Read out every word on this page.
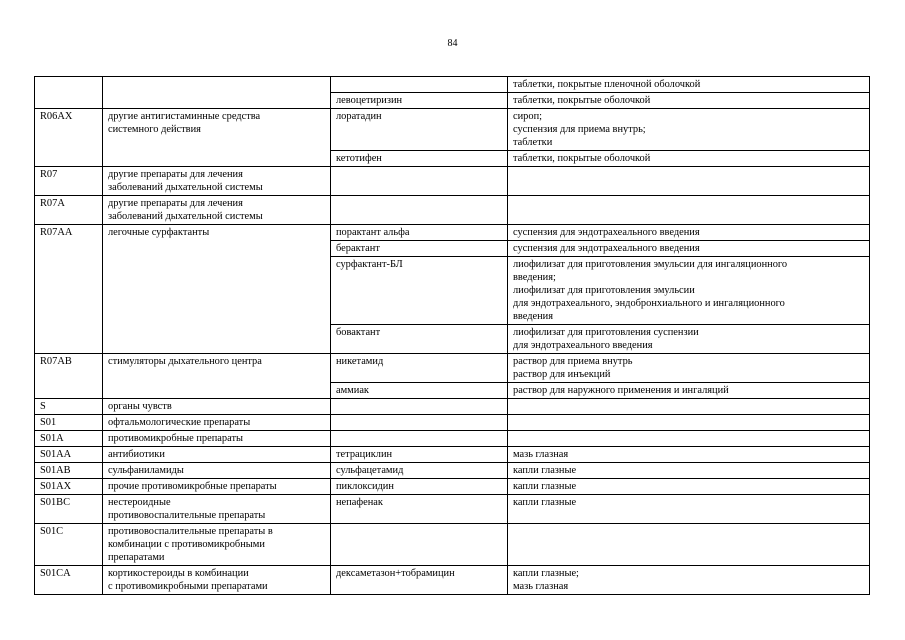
84

			таблетки, покрытые пленочной оболочкой

		левоцетиризин	таблетки, покрытые оболочкой

R06AX	другие антигистаминные средства
системного действия	лоратадин	сироп;
суспензия для приема внутрь;
таблетки

		кетотифен	таблетки, покрытые оболочкой

R07	другие препараты для лечения
заболеваний дыхательной системы		

R07A	другие препараты для лечения
заболеваний дыхательной системы		

R07AA	легочные сурфактанты	порактант альфа	суспензия для эндотрахеального введения

		берактант	суспензия для эндотрахеального введения

		сурфактант-БЛ	лиофилизат для приготовления эмульсии для ингаляционного
введения;
лиофилизат для приготовления эмульсии
для эндотрахеального, эндобронхиального и ингаляционного
введения

		бовактант	лиофилизат для приготовления суспензии
для эндотрахеального введения

R07AB	стимуляторы дыхательного центра	никетамид	раствор для приема внутрь
раствор для инъекций

		аммиак	раствор для наружного применения и ингаляций

S	органы чувств		

S01	офтальмологические препараты		

S01A	противомикробные препараты		

S01AA	антибиотики	тетрациклин	мазь глазная

S01AB	сульфаниламиды	сульфацетамид	капли глазные

S01AX	прочие противомикробные препараты	пиклоксидин	капли глазные

S01BC	нестероидные
противовоспалительные препараты	непафенак	капли глазные

S01C	противовоспалительные препараты в
комбинации с противомикробными
препаратами		

S01CA	кортикостероиды в комбинации
с противомикробными препаратами	дексаметазон+тобрамицин	капли глазные;
мазь глазная
